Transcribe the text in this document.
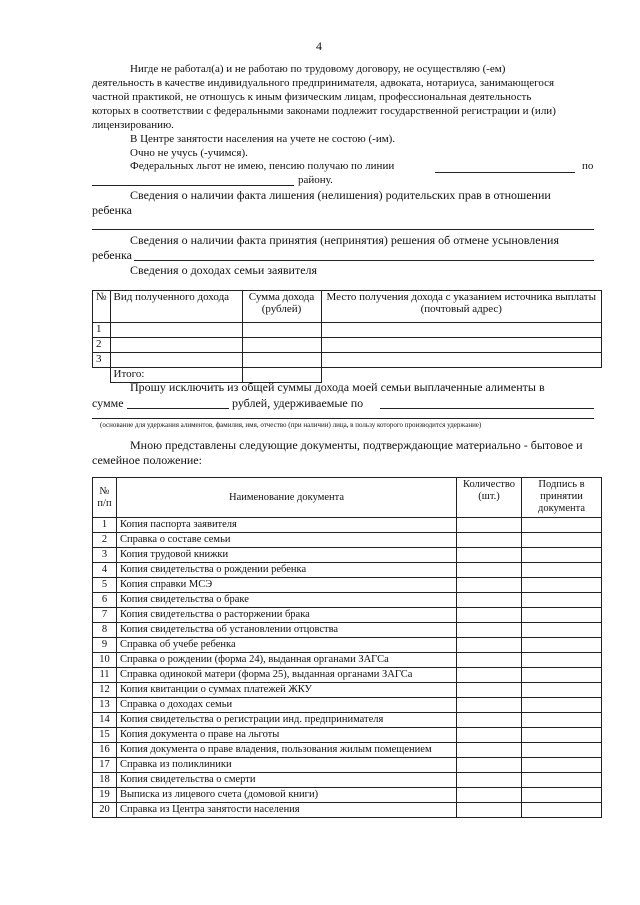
4
Нигде не работал(а) и не работаю по трудовому договору, не осуществляю (-ем)
деятельность в качестве индивидуального предпринимателя, адвоката, нотариуса, занимающегося
частной практикой, не отношусь к иным физическим лицам, профессиональная деятельность
которых в соответствии с федеральными законами подлежит государственной регистрации и (или)
лицензированию.
В Центре занятости населения на учете не состою (-им).
Очно не учусь (-учимся).
Федеральных льгот не имею, пенсию получаю по линии	по
району.
Сведения о наличии факта лишения (нелишения) родительских прав в отношении
ребенка
Сведения о наличии факта принятия (непринятия) решения об отмене усыновления
ребенка
Сведения о доходах семьи заявителя
№	Вид полученного дохода	Сумма дохода (рублей)	Место получения дохода с указанием источника выплаты (почтовый адрес)
1			
2			
3			
	Итого:		
Прошу исключить из общей суммы дохода моей семьи выплаченные алименты в
сумме	рублей, удерживаемые по
(основание для удержания алиментов, фамилия, имя, отчество (при наличии) лица, в пользу которого производится удержание)
Мною представлены следующие документы, подтверждающие материально - бытовое и
семейное положение:
№ п/п	Наименование документа	Количество (шт.)	Подпись в принятии документа
1	Копия паспорта заявителя		
2	Справка о составе семьи		
3	Копия трудовой книжки		
4	Копия свидетельства о рождении ребенка		
5	Копия справки МСЭ		
6	Копия свидетельства о браке		
7	Копия свидетельства о расторжении брака		
8	Копия свидетельства об установлении отцовства		
9	Справка об учебе ребенка		
10	Справка о рождении (форма 24), выданная органами ЗАГСа		
11	Справка одинокой матери (форма 25), выданная органами ЗАГСа		
12	Копия квитанции о суммах платежей ЖКУ		
13	Справка о доходах семьи		
14	Копия свидетельства о регистрации инд. предпринимателя		
15	Копия документа о праве на льготы		
16	Копия документа о праве владения, пользования жилым помещением		
17	Справка из поликлиники		
18	Копия свидетельства о смерти		
19	Выписка из лицевого счета (домовой книги)		
20	Справка из Центра занятости населения		
